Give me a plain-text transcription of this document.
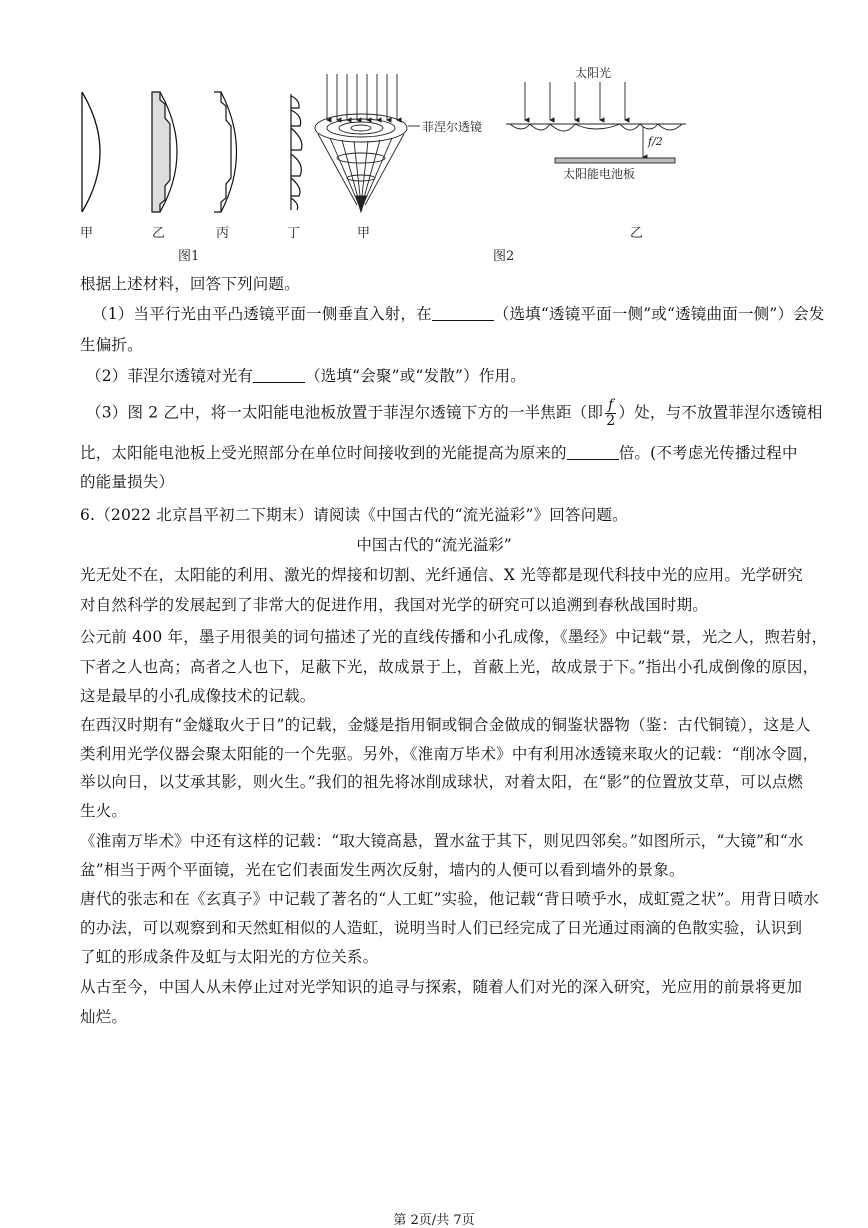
甲	乙	丙	丁
图1
甲	乙
图2
菲涅尔透镜
太阳光
f/2
太阳能电池板
根据上述材料，回答下列问题。
（1）当平行光由平凸透镜平面一侧垂直入射，在	（选填“透镜平面一侧”或“透镜曲面一侧”）会发
生偏折。
（2）菲涅尔透镜对光有	（选填“会聚”或“发散”）作用。
（3）图 2 乙中，将一太阳能电池板放置于菲涅尔透镜下方的一半焦距（即 $\frac{f}{2}$ ）处，与不放置菲涅尔透镜相
比，太阳能电池板上受光照部分在单位时间接收到的光能提高为原来的	倍。(不考虑光传播过程中
的能量损失）
6.（2022 北京昌平初二下期末）请阅读《中国古代的“流光溢彩”》回答问题。
中国古代的“流光溢彩”
光无处不在，太阳能的利用、激光的焊接和切割、光纤通信、X 光等都是现代科技中光的应用。光学研究
对自然科学的发展起到了非常大的促进作用，我国对光学的研究可以追溯到春秋战国时期。
公元前 400 年，墨子用很美的词句描述了光的直线传播和小孔成像，《墨经》中记载“景，光之人，煦若射，
下者之人也高；高者之人也下，足蔽下光，故成景于上，首蔽上光，故成景于下。”指出小孔成倒像的原因，
这是最早的小孔成像技术的记载。
在西汉时期有“金燧取火于日”的记载，金燧是指用铜或铜合金做成的铜鉴状器物（鉴：古代铜镜），这是人
类利用光学仪器会聚太阳能的一个先驱。另外，《淮南万毕术》中有利用冰透镜来取火的记载：“削冰令圆，
举以向日，以艾承其影，则火生。”我们的祖先将冰削成球状，对着太阳，在“影”的位置放艾草，可以点燃
生火。
《淮南万毕术》中还有这样的记载：“取大镜高悬，置水盆于其下，则见四邻矣。”如图所示，“大镜”和“水
盆”相当于两个平面镜，光在它们表面发生两次反射，墙内的人便可以看到墙外的景象。
唐代的张志和在《玄真子》中记载了著名的“人工虹”实验，他记载“背日喷乎水，成虹霓之状”。用背日喷水
的办法，可以观察到和天然虹相似的人造虹，说明当时人们已经完成了日光通过雨滴的色散实验，认识到
了虹的形成条件及虹与太阳光的方位关系。
从古至今，中国人从未停止过对光学知识的追寻与探索，随着人们对光的深入研究，光应用的前景将更加
灿烂。
第 2页/共 7页
